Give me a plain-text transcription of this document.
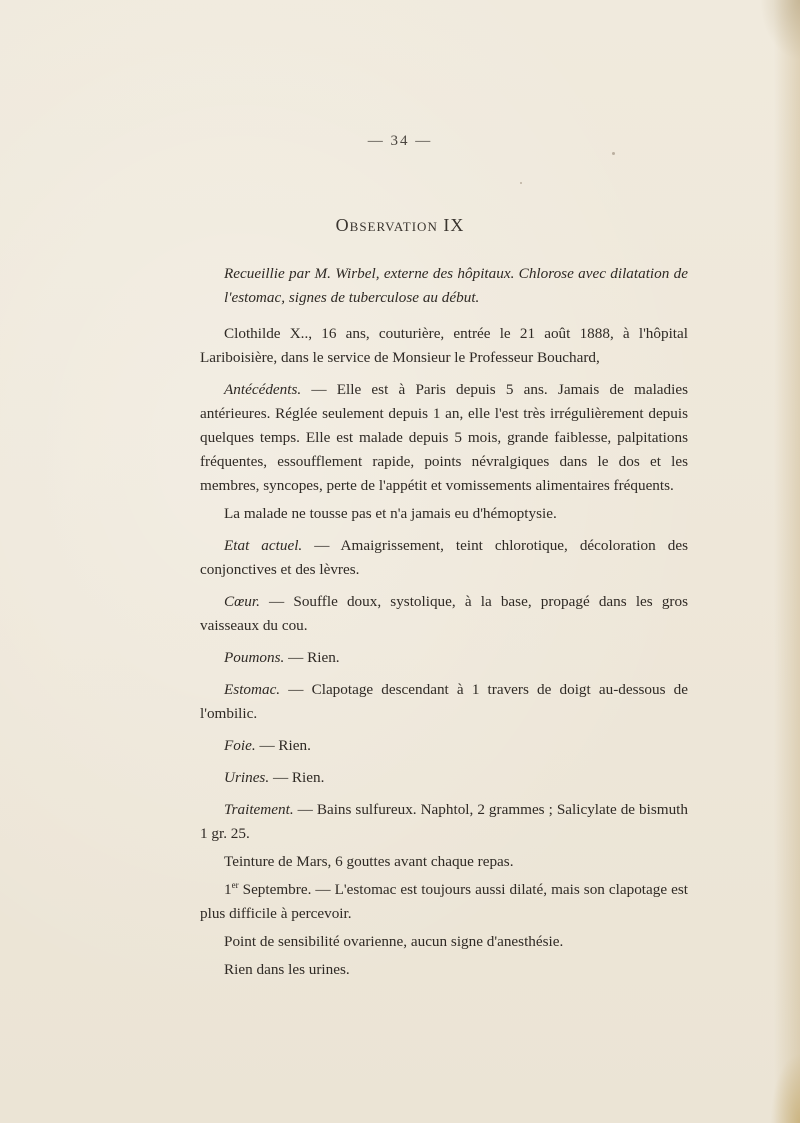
— 34 —
Observation IX

Recueillie par M. Wirbel, externe des hôpitaux. Chlorose avec dilatation de l'estomac, signes de tuberculose au début.

Clothilde X.., 16 ans, couturière, entrée le 21 août 1888, à l'hôpital Lariboisière, dans le service de Monsieur le Professeur Bouchard,

Antécédents. — Elle est à Paris depuis 5 ans. Jamais de maladies antérieures. Réglée seulement depuis 1 an, elle l'est très irrégulièrement depuis quelques temps. Elle est malade depuis 5 mois, grande faiblesse, palpitations fréquentes, essoufflement rapide, points névralgiques dans le dos et les membres, syncopes, perte de l'appétit et vomissements alimentaires fréquents.

La malade ne tousse pas et n'a jamais eu d'hémoptysie.

Etat actuel. — Amaigrissement, teint chlorotique, décoloration des conjonctives et des lèvres.

Cœur. — Souffle doux, systolique, à la base, propagé dans les gros vaisseaux du cou.

Poumons. — Rien.

Estomac. — Clapotage descendant à 1 travers de doigt au-dessous de l'ombilic.

Foie. — Rien.

Urines. — Rien.

Traitement. — Bains sulfureux. Naphtol, 2 grammes ; Salicylate de bismuth 1 gr. 25.

Teinture de Mars, 6 gouttes avant chaque repas.

1er Septembre. — L'estomac est toujours aussi dilaté, mais son clapotage est plus difficile à percevoir.

Point de sensibilité ovarienne, aucun signe d'anesthésie.

Rien dans les urines.
